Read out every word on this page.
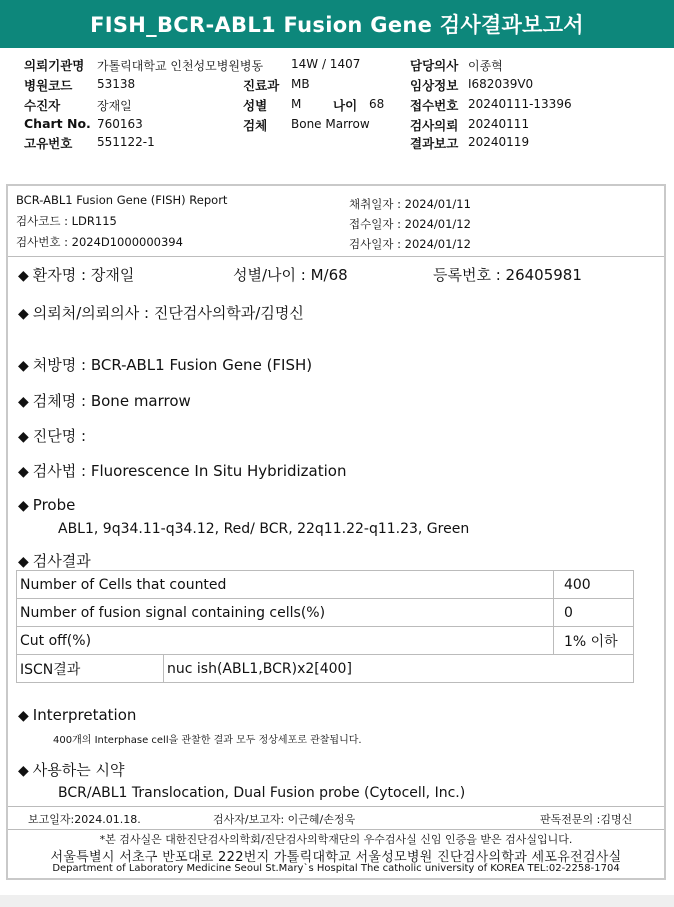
FISH_BCR-ABL1 Fusion Gene 검사결과보고서
의뢰기관명 가톨릭대학교 인천성모병원병동
병원코드 53138
수진자	장재일
Chart No. 760163
고유번호 551122-1
14W / 1407
진료과 MB
성별 M	나이 68
검체 Bone Marrow
담당의사 이종혁
임상정보 I682039V0
접수번호 20240111-13396
검사의뢰 20240111
결과보고 20240119
BCR-ABL1 Fusion Gene (FISH) Report
검사코드 : LDR115
검사번호 : 2024D1000000394
채취일자 : 2024/01/11
접수일자 : 2024/01/12
검사일자 : 2024/01/12
◆ 환자명 : 장재일	성별/나이 : M/68	등록번호 : 26405981
◆ 의뢰처/의뢰의사 : 진단검사의학과/김명신
◆ 처방명 : BCR-ABL1 Fusion Gene (FISH)
◆ 검체명 : Bone marrow
◆ 진단명 :
◆ 검사법 : Fluorescence In Situ Hybridization
◆ Probe
ABL1, 9q34.11-q34.12, Red/ BCR, 22q11.22-q11.23, Green
◆ 검사결과
Number of Cells that counted		400
Number of fusion signal containing cells(%)		0
Cut off(%)		1% 이하
ISCN결과	nuc ish(ABL1,BCR)x2[400]	
◆ Interpretation
400개의 Interphase cell을 관찰한 결과 모두 정상세포로 관찰됩니다.
◆ 사용하는 시약
BCR/ABL1 Translocation, Dual Fusion probe (Cytocell, Inc.)
보고일자:2024.01.18.	검사자/보고자: 이근혜/손정욱	판독전문의 :김명신
*본 검사실은 대한진단검사의학회/진단검사의학재단의 우수검사실 신임 인증을 받은 검사실입니다.
서울특별시 서초구 반포대로 222번지 가톨릭대학교 서울성모병원 진단검사의학과 세포유전검사실
Department of Laboratory Medicine Seoul St.Mary`s Hospital The catholic university of KOREA TEL:02-2258-1704
